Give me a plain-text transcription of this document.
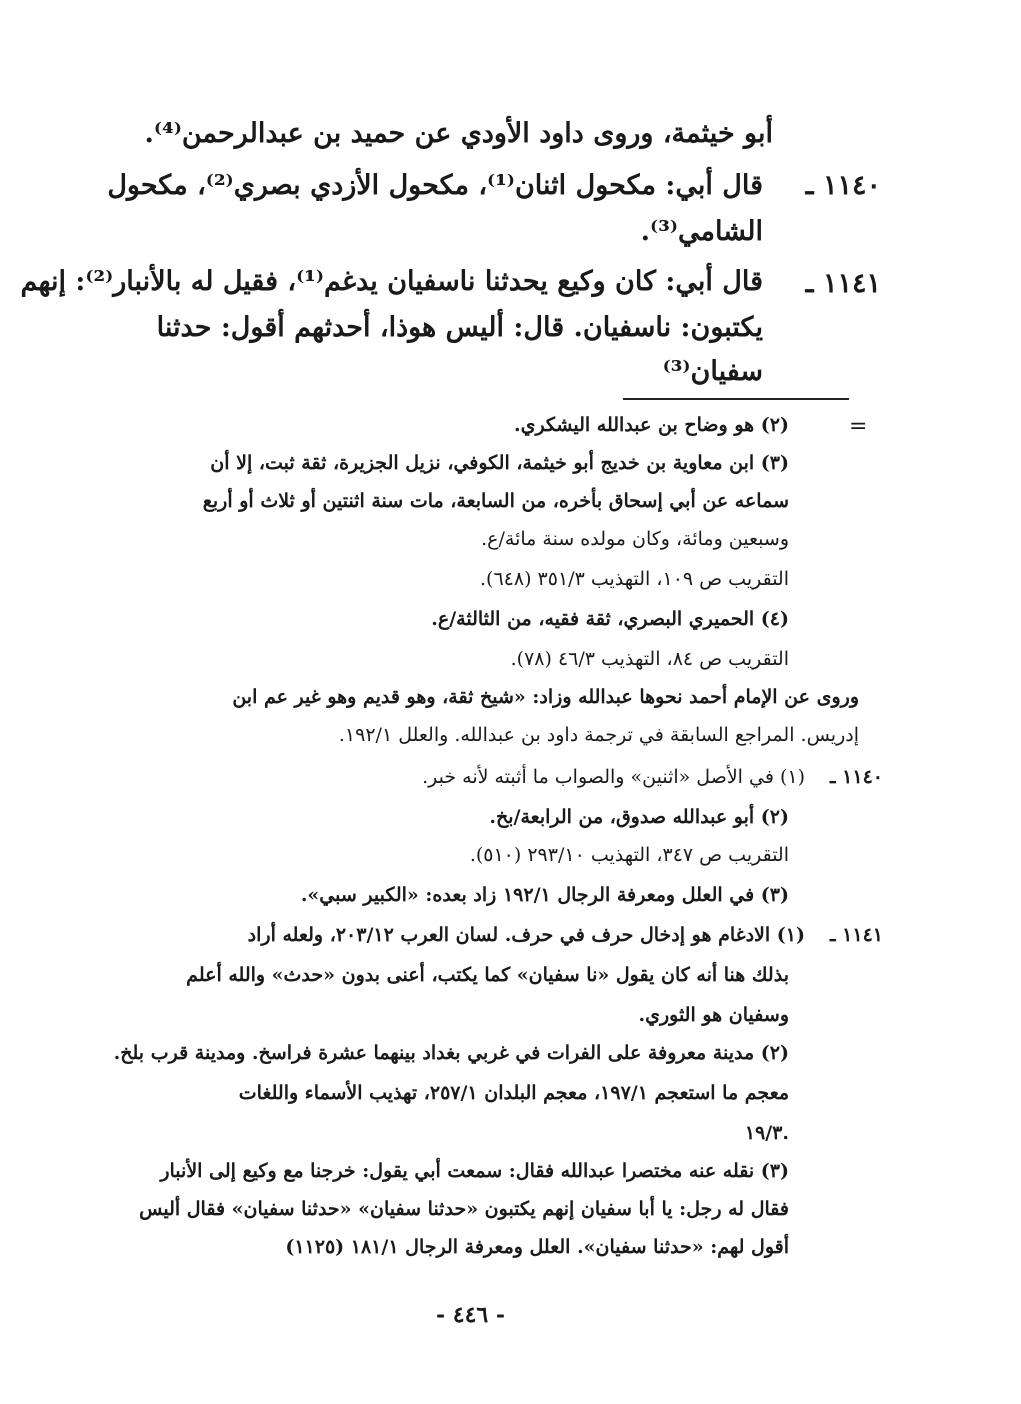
أبو خيثمة، وروى داود الأودي عن حميد بن عبدالرحمن⁽⁴⁾.
١١٤٠ ـ
قال أبي: مكحول اثنان⁽¹⁾، مكحول الأزدي بصري⁽²⁾، مكحول
الشامي⁽³⁾.
١١٤١ ـ
قال أبي: كان وكيع يحدثنا ناسفيان يدغم⁽¹⁾، فقيل له بالأنبار⁽²⁾: إنهم
يكتبون: ناسفيان. قال: أليس هوذا، أحدثهم أقول: حدثنا
سفيان⁽³⁾
=
(٢) هو وضاح بن عبدالله اليشكري.
(٣) ابن معاوية بن خديج أبو خيثمة، الكوفي، نزيل الجزيرة، ثقة ثبت، إلا أن
سماعه عن أبي إسحاق بأخره، من السابعة، مات سنة اثنتين أو ثلاث أو أربع
وسبعين ومائة، وكان مولده سنة مائة/ع.
التقريب ص ١٠٩، التهذيب ٣٥١/٣ (٦٤٨).
(٤) الحميري البصري، ثقة فقيه، من الثالثة/ع.
التقريب ص ٨٤، التهذيب ٤٦/٣ (٧٨).
وروى عن الإمام أحمد نحوها عبدالله وزاد: «شيخ ثقة، وهو قديم وهو غير عم ابن
إدريس. المراجع السابقة في ترجمة داود بن عبدالله. والعلل ١٩٢/١.
١١٤٠ ـ
(١) في الأصل «اثنين» والصواب ما أثبته لأنه خبر.
(٢) أبو عبدالله صدوق، من الرابعة/بخ.
التقريب ص ٣٤٧، التهذيب ٢٩٣/١٠ (٥١٠).
(٣) في العلل ومعرفة الرجال ١٩٢/١ زاد بعده: «الكبير سبي».
١١٤١ ـ
(١) الادغام هو إدخال حرف في حرف. لسان العرب ٢٠٣/١٢، ولعله أراد
بذلك هنا أنه كان يقول «نا سفيان» كما يكتب، أعنى بدون «حدث» والله أعلم
وسفيان هو الثوري.
(٢) مدينة معروفة على الفرات في غربي بغداد بينهما عشرة فراسخ. ومدينة قرب بلخ.
معجم ما استعجم ١٩٧/١، معجم البلدان ٢٥٧/١، تهذيب الأسماء واللغات
١٩/٣.
(٣) نقله عنه مختصرا عبدالله فقال: سمعت أبي يقول: خرجنا مع وكيع إلى الأنبار
فقال له رجل: يا أبا سفيان إنهم يكتبون «حدثنا سفيان» «حدثنا سفيان» فقال أليس
أقول لهم: «حدثنا سفيان». العلل ومعرفة الرجال ١٨١/١ (١١٢٥)
- ٤٤٦ -
